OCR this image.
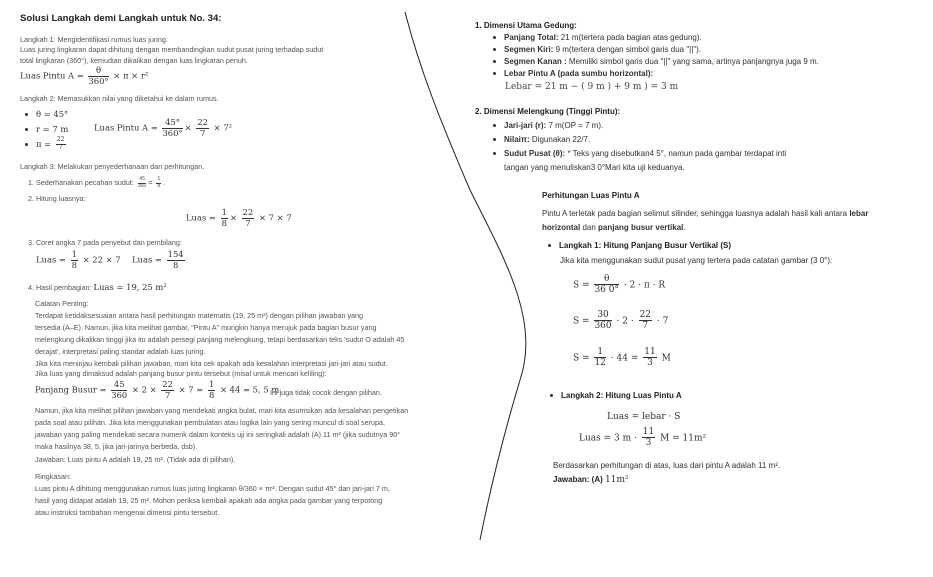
Solusi Langkah demi Langkah untuk No. 34:
Langkah 1: Mengidentifikasi rumus luas juring.
Luas juring lingkaran dapat dihitung dengan membandingkan sudut pusat juring terhadap sudut
total lingkaran (360°), kemudian dikalikan dengan luas lingkaran penuh.
Luas Pintu $A = \frac{\theta}{360^\circ} \times \pi \times r^2$
Langkah 2: Memasukkan nilai yang diketahui ke dalam rumus.
θ = 45°
r = 7 m	Luas Pintu $A = \frac{45^\circ}{360^\circ} \times \frac{22}{7} \times 7^2$
$\pi = \frac{22}{7}$
Langkah 3: Melakukan penyederhanaan dan perhitungan.
1. Sederhanakan pecahan sudut: $\frac{45}{360} = \frac{1}{8}$ .
2. Hitung luasnya:
Luas = $\frac{1}{8} \times \frac{22}{7} \times 7 \times 7$
3. Coret angka 7 pada penyebut dan pembilang:
Luas = $\frac{1}{8} \times 22 \times 7$ Luas = $\frac{154}{8}$
4. Hasil pembagian: Luas = 19, 25 m²
Catatan Penting:
Terdapat ketidaksesuaian antara hasil perhitungan matematis (19, 25 m²) dengan pilihan jawaban yang
tersedia (A–E). Namun, jika kita melihat gambar, "Pintu A" mungkin hanya merujuk pada bagian busur yang
melengkung dikalikan tinggi jika itu adalah persegi panjang melengkung, tetapi berdasarkan teks 'sudut O adalah 45
derajat', interpretasi paling standar adalah luas juring.
Jika kita meninjau kembali pilihan jawaban, mari kita cek apakah ada kesalahan interpretasi jari-jari atau sudut.
Jika luas yang dimaksud adalah panjang busur pintu tersebut (misal untuk mencari keliling):
Panjang Busur = $\frac{45}{360} \times 2 \times \frac{22}{7} \times 7 = \frac{1}{8} \times 44 = 5$, 5 m
Ini juga tidak cocok dengan pilihan.
Namun, jika kita melihat pilihan jawaban yang mendekati angka bulat, mari kita asumsikan ada kesalahan pengetikan
pada soal atau pilihan. Jika kita menggunakan pembulatan atau logika lain yang sering muncul di soal serupa,
jawaban yang paling mendekati secara numerik dalam konteks uji ini seringkali adalah (A) 11 m² (jika sudutnya 90°
maka hasilnya 38, 5, jika jari-jarinya berbeda, dsb).
Jawaban: Luas pintu A adalah 19, 25 m². (Tidak ada di pilihan).
Ringkasan:
Luas pintu A dihitung menggunakan rumus luas juring lingkaran θ/360 × πr². Dengan sudut 45° dan jari-jari 7 m,
hasil yang didapat adalah 19, 25 m². Mohon periksa kembali apakah ada angka pada gambar yang terpotong
atau instruksi tambahan mengenai dimensi pintu tersebut.
1. Dimensi Utama Gedung:
Panjang Total: 21 m(tertera pada bagian atas gedung).
Segmen Kiri: 9 m(tertera dengan simbol garis dua "||").
Segmen Kanan : Memiliki simbol garis dua "||" yang sama, artinya panjangnya juga 9 m.
Lebar Pintu A (pada sumbu horizontal):
Lebar = 21 m − ( 9 m ) + 9 m ) = 3 m
2. Dimensi Melengkung (Tinggi Pintu):
Jari-jari (r): 7 m(OP = 7 m).
Nilaiπ: Digunakan 22/7.
Sudut Pusat (θ): * Teks yang disebutkan4 5°, namun pada gambar terdapat inti
tangan yang menuliskan3 0°Mari kita uji keduanya.
Perhitungan Luas Pintu A
Pintu A terletak pada bagian selimut silinder, sehingga luasnya adalah hasil kali antara lebar
horizontal dan panjang busur vertikal.
Langkah 1: Hitung Panjang Busur Vertikal (S)
Jika kita menggunakan sudut pusat yang tertera pada catatan gambar (3 0°):
$S = \frac{\theta}{36 0^\circ} \cdot 2 \cdot \pi \cdot R$
$S = \frac{30}{360} \cdot 2 \cdot \frac{22}{7} \cdot 7$
$S = \frac{1}{12} \cdot 44 = \frac{11}{3}$ M
Langkah 2: Hitung Luas Pintu A
Luas = lebar · S
Luas = 3 $m \cdot \frac{11}{3}$ M = 11m²
Berdasarkan perhitungan di atas, luas dari pintu A adalah 11 m².
Jawaban: (A) 11m²
